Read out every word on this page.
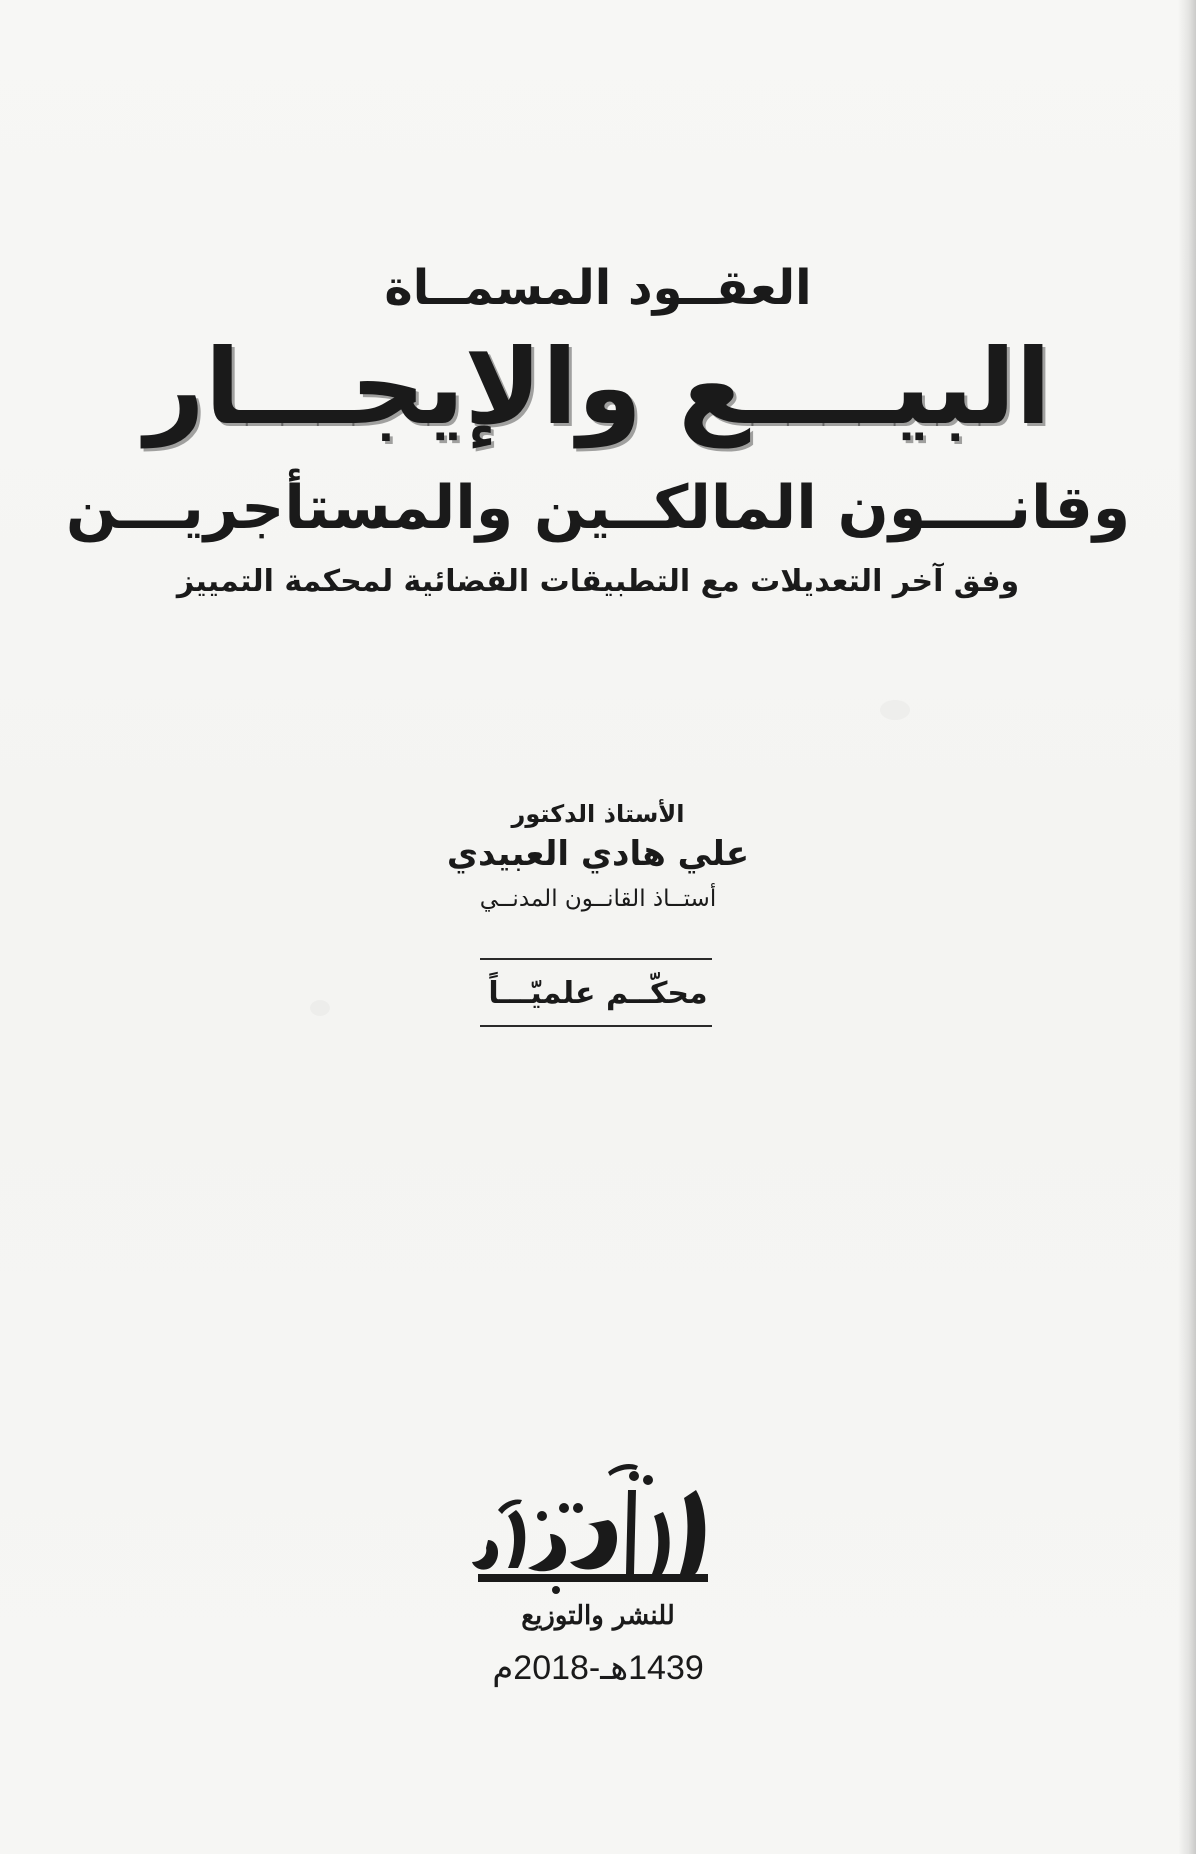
العقــود المسمــاة
البيــــع والإيجـــار
وقانــــون المالكــين والمستأجريـــن
وفق آخر التعديلات مع التطبيقات القضائية لمحكمة التمييز
الأستاذ الدكتور
علي هادي العبيدي
أستــاذ القانــون المدنــي
محكّــم علميّـــاً
للنشر والتوزيع
1439هـ-2018م
